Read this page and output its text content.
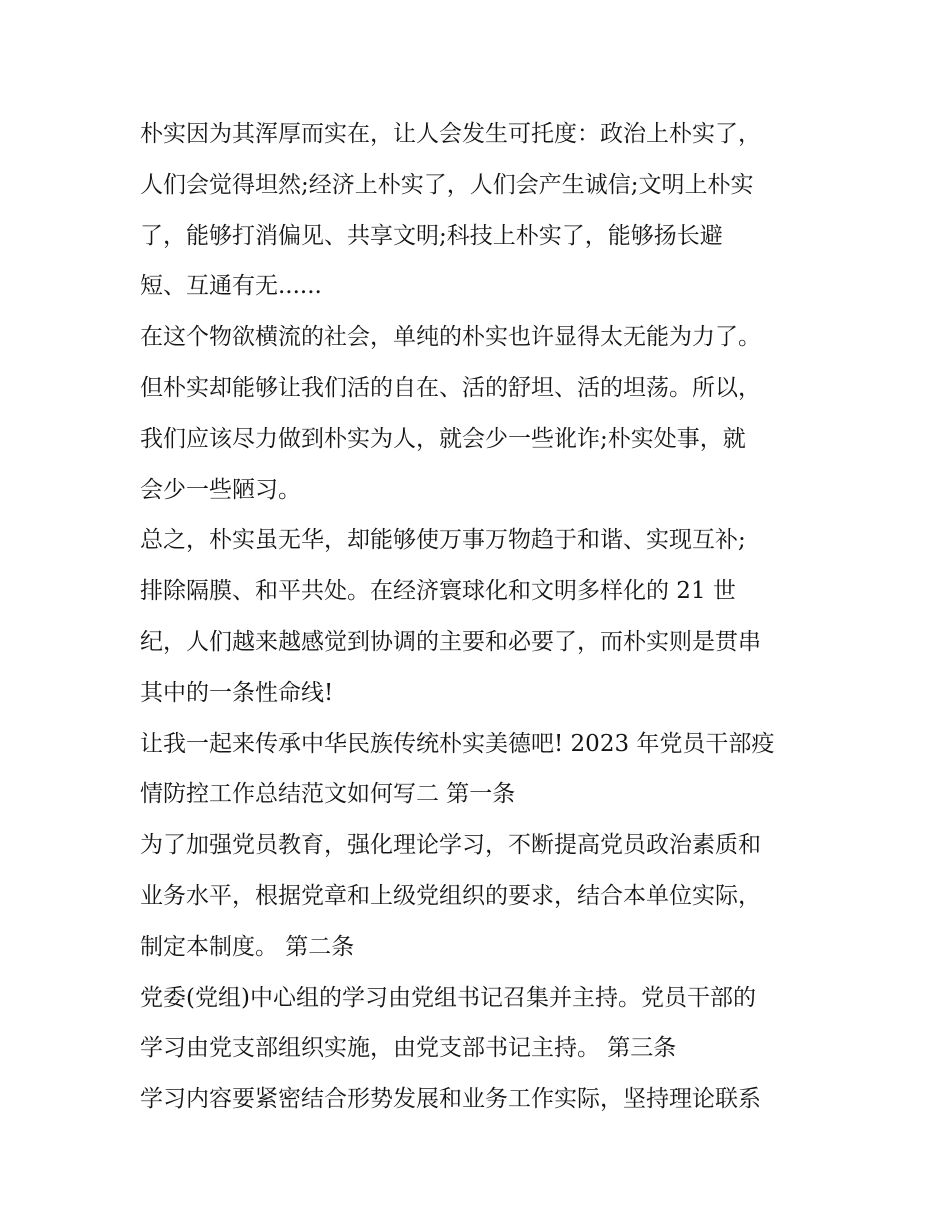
朴实因为其浑厚而实在，让人会发生可托度：政治上朴实了，
人们会觉得坦然;经济上朴实了，人们会产生诚信;文明上朴实
了，能够打消偏见、共享文明;科技上朴实了，能够扬长避
短、互通有无......
在这个物欲横流的社会，单纯的朴实也许显得太无能为力了。
但朴实却能够让我们活的自在、活的舒坦、活的坦荡。所以，
我们应该尽力做到朴实为人，就会少一些讹诈;朴实处事，就
会少一些陋习。
总之，朴实虽无华，却能够使万事万物趋于和谐、实现互补;
排除隔膜、和平共处。在经济寰球化和文明多样化的 21 世
纪，人们越来越感觉到协调的主要和必要了，而朴实则是贯串
其中的一条性命线!
让我一起来传承中华民族传统朴实美德吧! 2023 年党员干部疫
情防控工作总结范文如何写二 第一条
为了加强党员教育，强化理论学习，不断提高党员政治素质和
业务水平，根据党章和上级党组织的要求，结合本单位实际，
制定本制度。 第二条
党委(党组)中心组的学习由党组书记召集并主持。党员干部的
学习由党支部组织实施，由党支部书记主持。 第三条
学习内容要紧密结合形势发展和业务工作实际，坚持理论联系
